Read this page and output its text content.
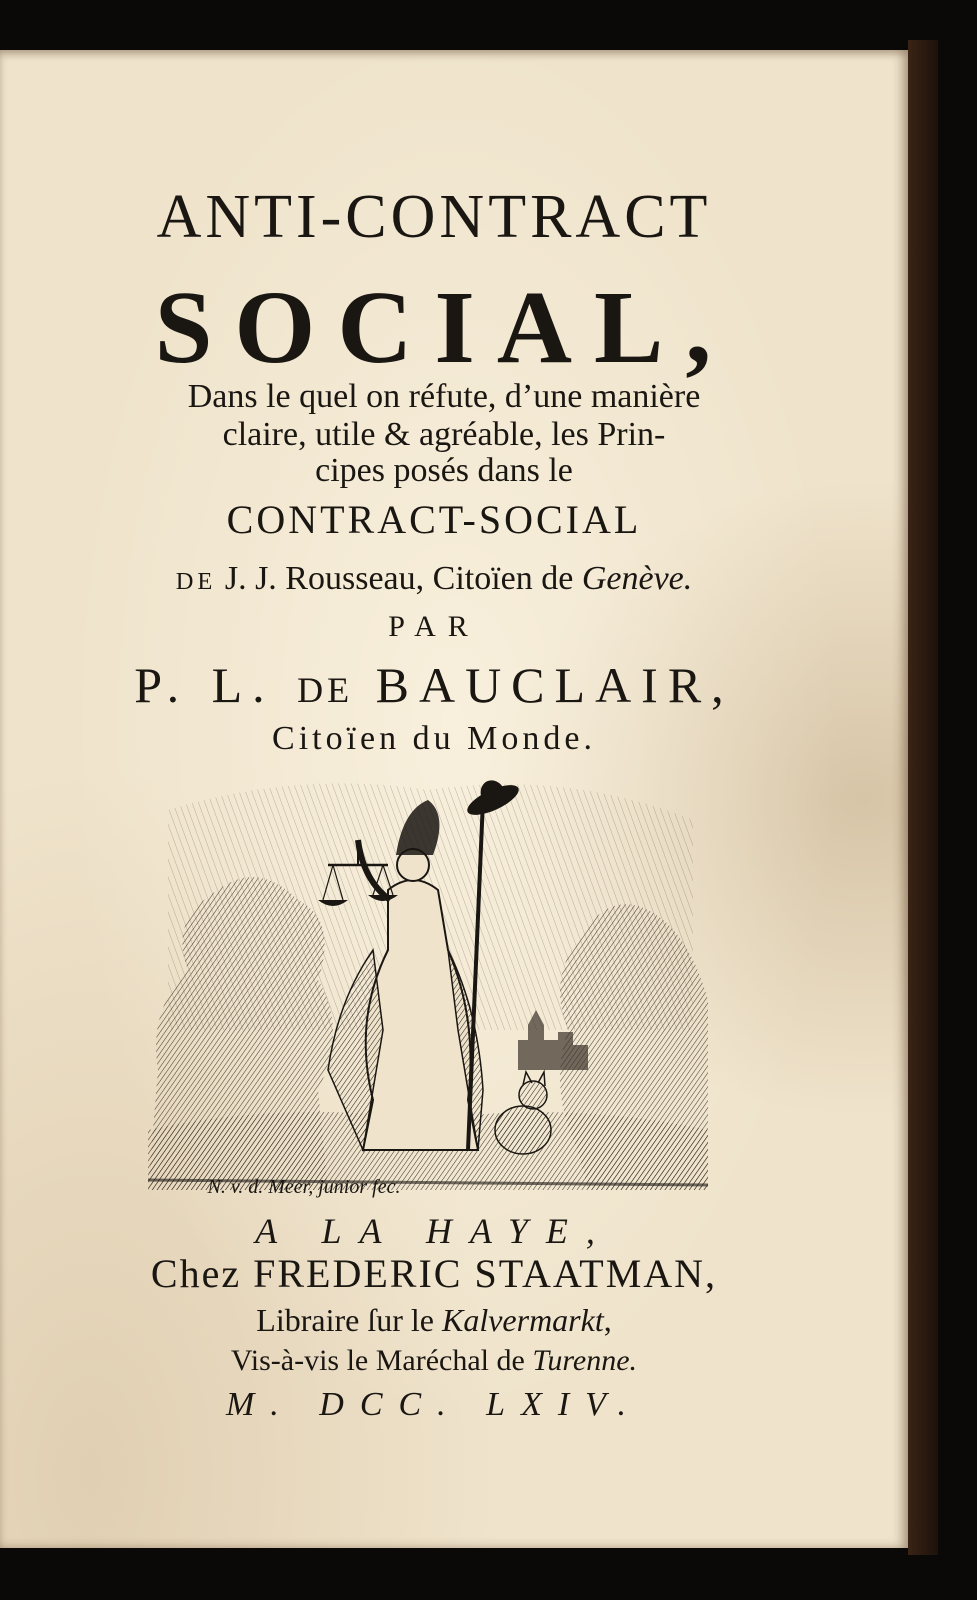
ANTI-CONTRACT
SOCIAL,
Dans le quel on réfute, d’une manière
claire, utile & agréable, les Prin-
cipes posés dans le
CONTRACT-SOCIAL
DE J. J. Rousseau, Citoïen de Genève.
PAR
P. L. DE BAUCLAIR,
Citoïen du Monde.
N. v. d. Meer, junior fec.
A LA HAYE,
Chez FREDERIC STAATMAN,
Libraire ſur le Kalvermarkt,
Vis-à-vis le Maréchal de Turenne.
M. DCC. LXIV.
